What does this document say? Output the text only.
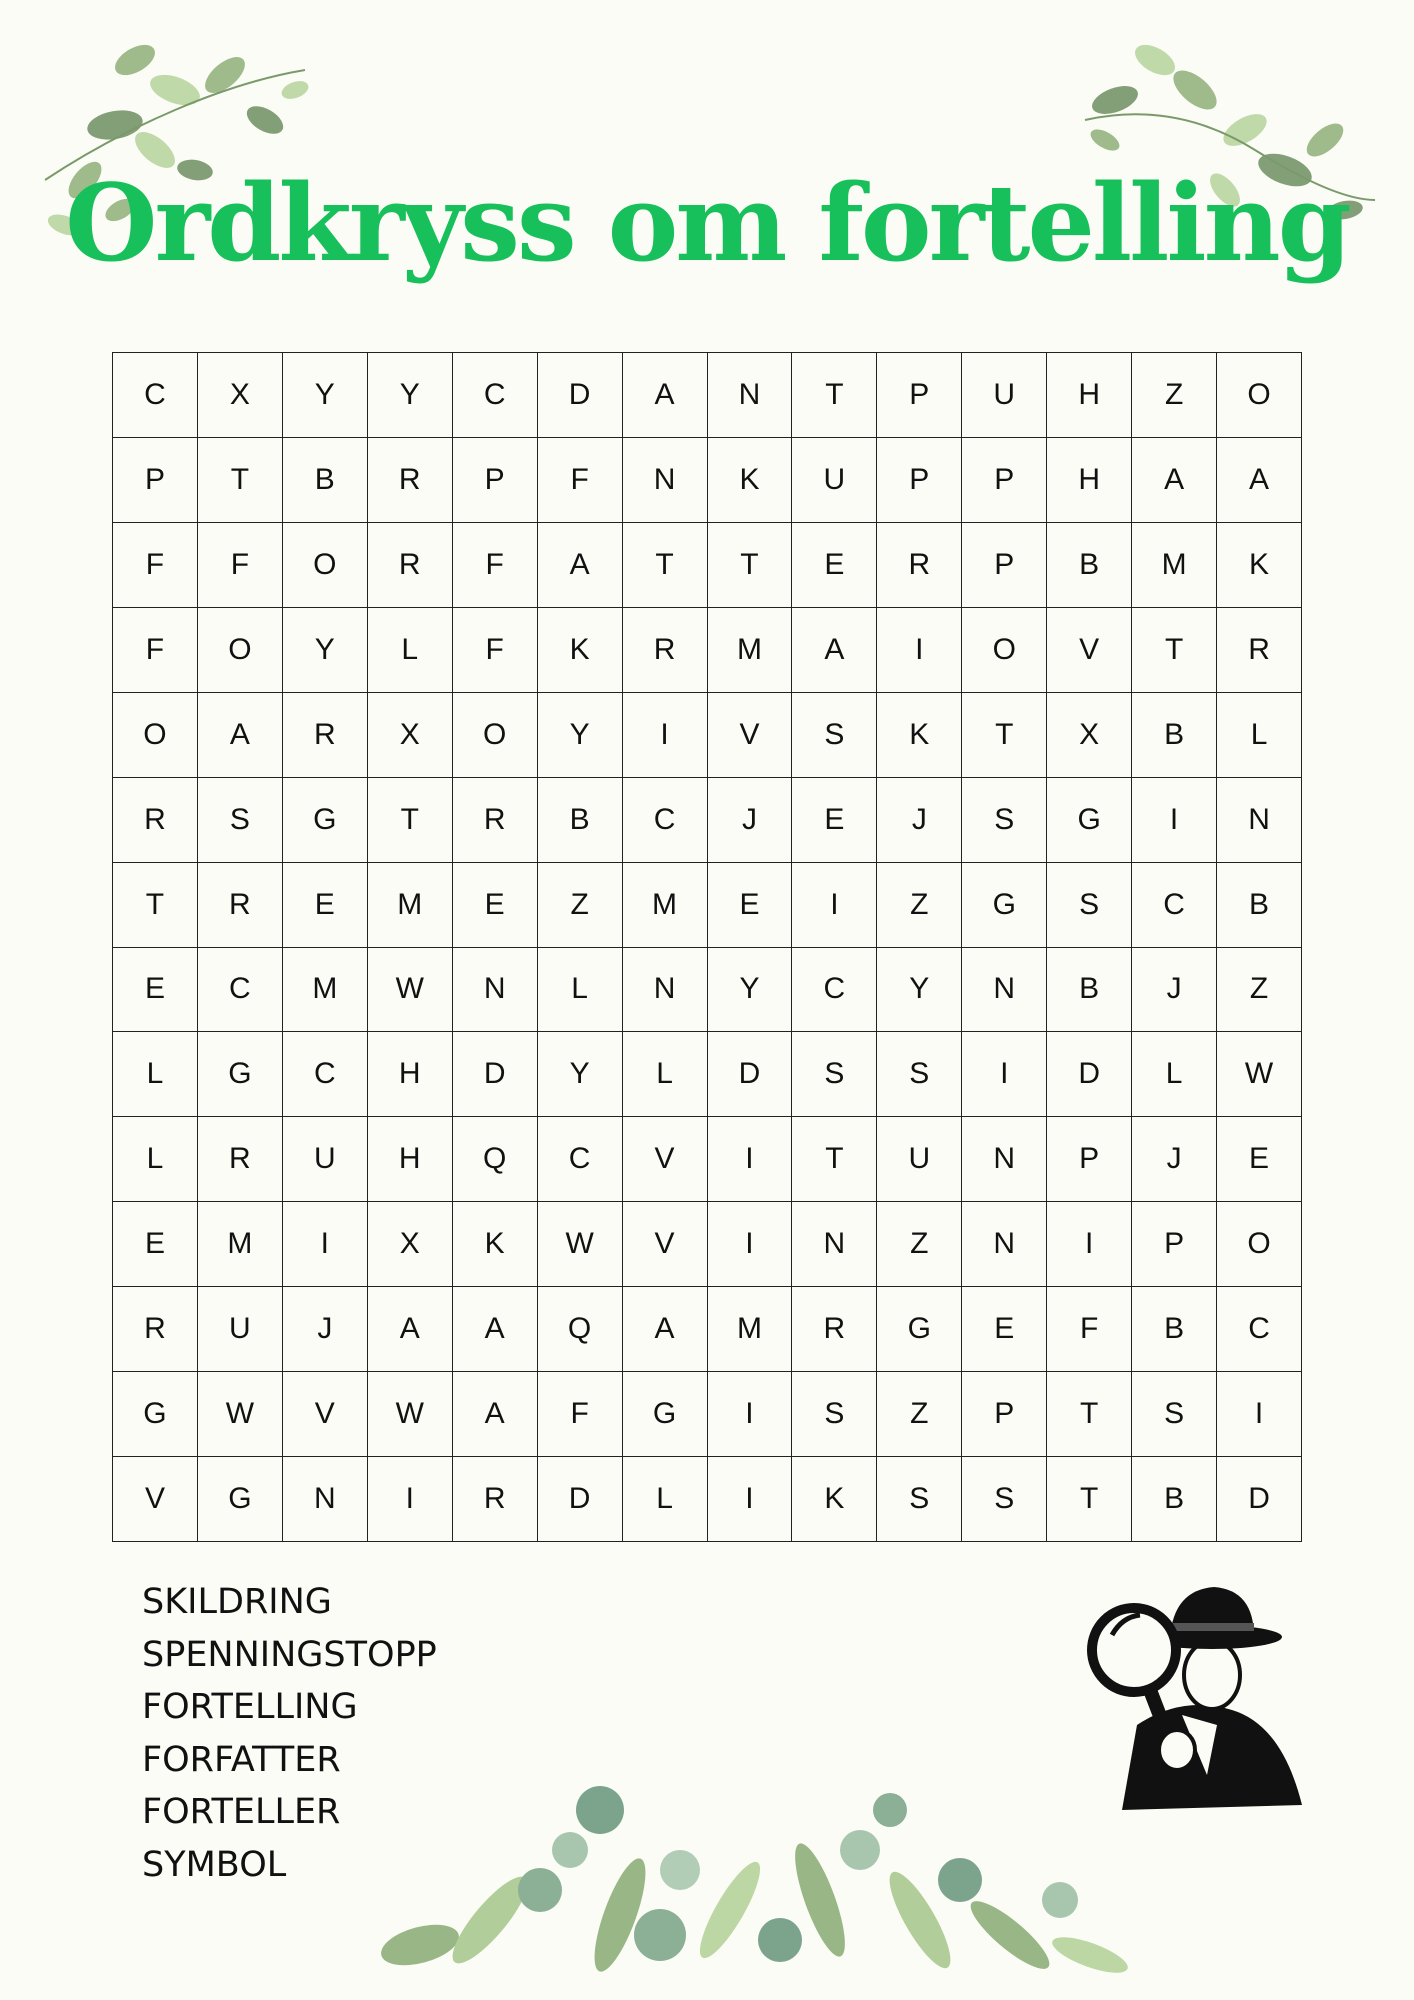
Ordkryss om fortelling
C	X	Y	Y	C	D	A	N	T	P	U	H	Z	O
P	T	B	R	P	F	N	K	U	P	P	H	A	A
F	F	O	R	F	A	T	T	E	R	P	B	M	K
F	O	Y	L	F	K	R	M	A	I	O	V	T	R
O	A	R	X	O	Y	I	V	S	K	T	X	B	L
R	S	G	T	R	B	C	J	E	J	S	G	I	N
T	R	E	M	E	Z	M	E	I	Z	G	S	C	B
E	C	M	W	N	L	N	Y	C	Y	N	B	J	Z
L	G	C	H	D	Y	L	D	S	S	I	D	L	W
L	R	U	H	Q	C	V	I	T	U	N	P	J	E
E	M	I	X	K	W	V	I	N	Z	N	I	P	O
R	U	J	A	A	Q	A	M	R	G	E	F	B	C
G	W	V	W	A	F	G	I	S	Z	P	T	S	I
V	G	N	I	R	D	L	I	K	S	S	T	B	D
SKILDRING
SPENNINGSTOPP
FORTELLING
FORFATTER
FORTELLER
SYMBOL
